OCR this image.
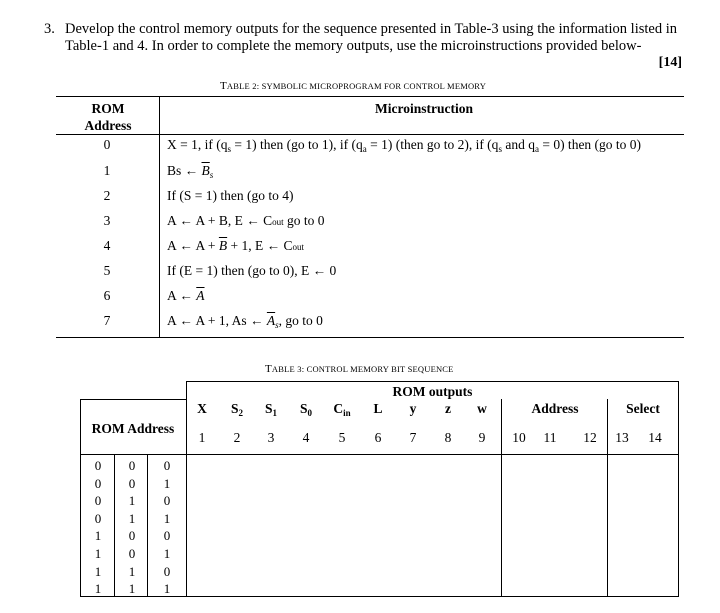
3. Develop the control memory outputs for the sequence presented in Table-3 using the information listed in Table-1 and 4. In order to complete the memory outputs, use the microinstructions provided below-
[14]
TABLE 2: SYMBOLIC MICROPROGRAM FOR CONTROL MEMORY
ROM
Address
Microinstruction
0	X = 1, if $(q_s = 1)$ then (go to 1), if $(q_a = 1)$ (then go to 2), if ($q_s$ and $q_a = 0$) then (go to 0)
1	Bs ← $\overline{B}_s$
2	If (S = 1) then (go to 4)
3	A ← A + B, E ← Cout go to 0
4	A ← $A + \overline{B} + 1$, E ← Cout
5	If (E = 1) then (go to 0), E ← 0
6	A ← $\overline{A}$
7	A ← A + 1, As ← $\overline{A}_s$, go to 0
TABLE 3: CONTROL MEMORY BIT SEQUENCE
ROM outputs
X	$S_2$	$S_1$	$S_0$	$C_{in}$	L	y	z	w	Address	Select
ROM Address
1	2	3	4	5	6	7	8	9	10	11	12	13	14
0 0 0
0 0 1
0 1 0
0 1 1
1 0 0
1 0 1
1 1 0
1 1 1
